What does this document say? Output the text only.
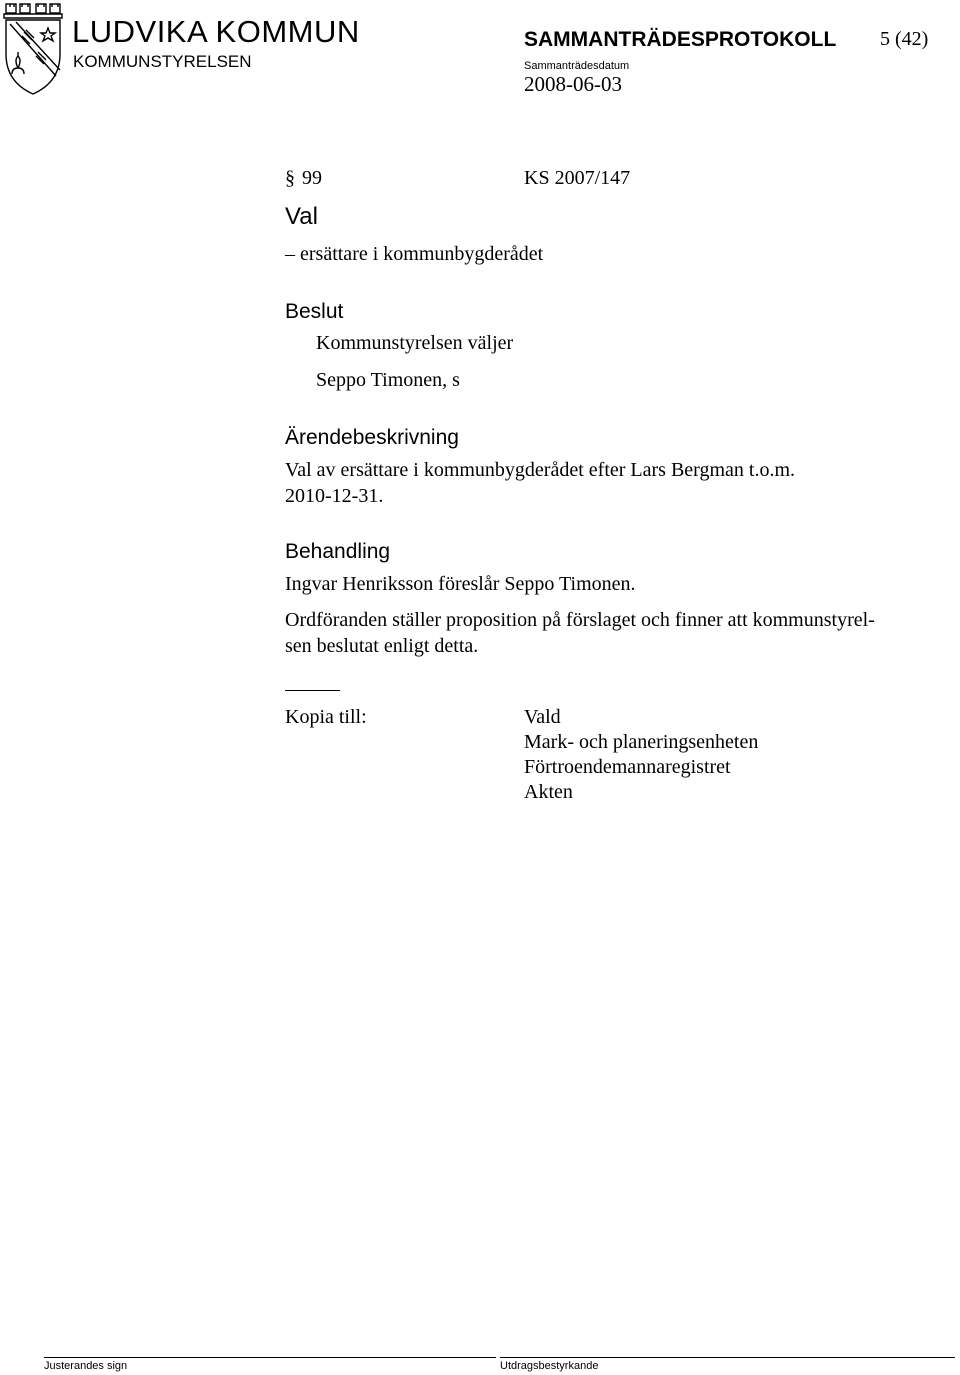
LUDVIKA KOMMUN
KOMMUNSTYRELSEN
SAMMANTRÄDESPROTOKOLL 5 (42)
Sammanträdesdatum
2008-06-03
§ 99	KS 2007/147
Val
– ersättare i kommunbygderådet
Beslut
Kommunstyrelsen väljer
Seppo Timonen, s
Ärendebeskrivning
Val av ersättare i kommunbygderådet efter Lars Bergman t.o.m.
2010-12-31.
Behandling
Ingvar Henriksson föreslår Seppo Timonen.
Ordföranden ställer proposition på förslaget och finner att kommunstyrel-
sen beslutat enligt detta.
Kopia till:	Vald
Mark- och planeringsenheten
Förtroendemannaregistret
Akten
Justerandes sign	Utdragsbestyrkande
